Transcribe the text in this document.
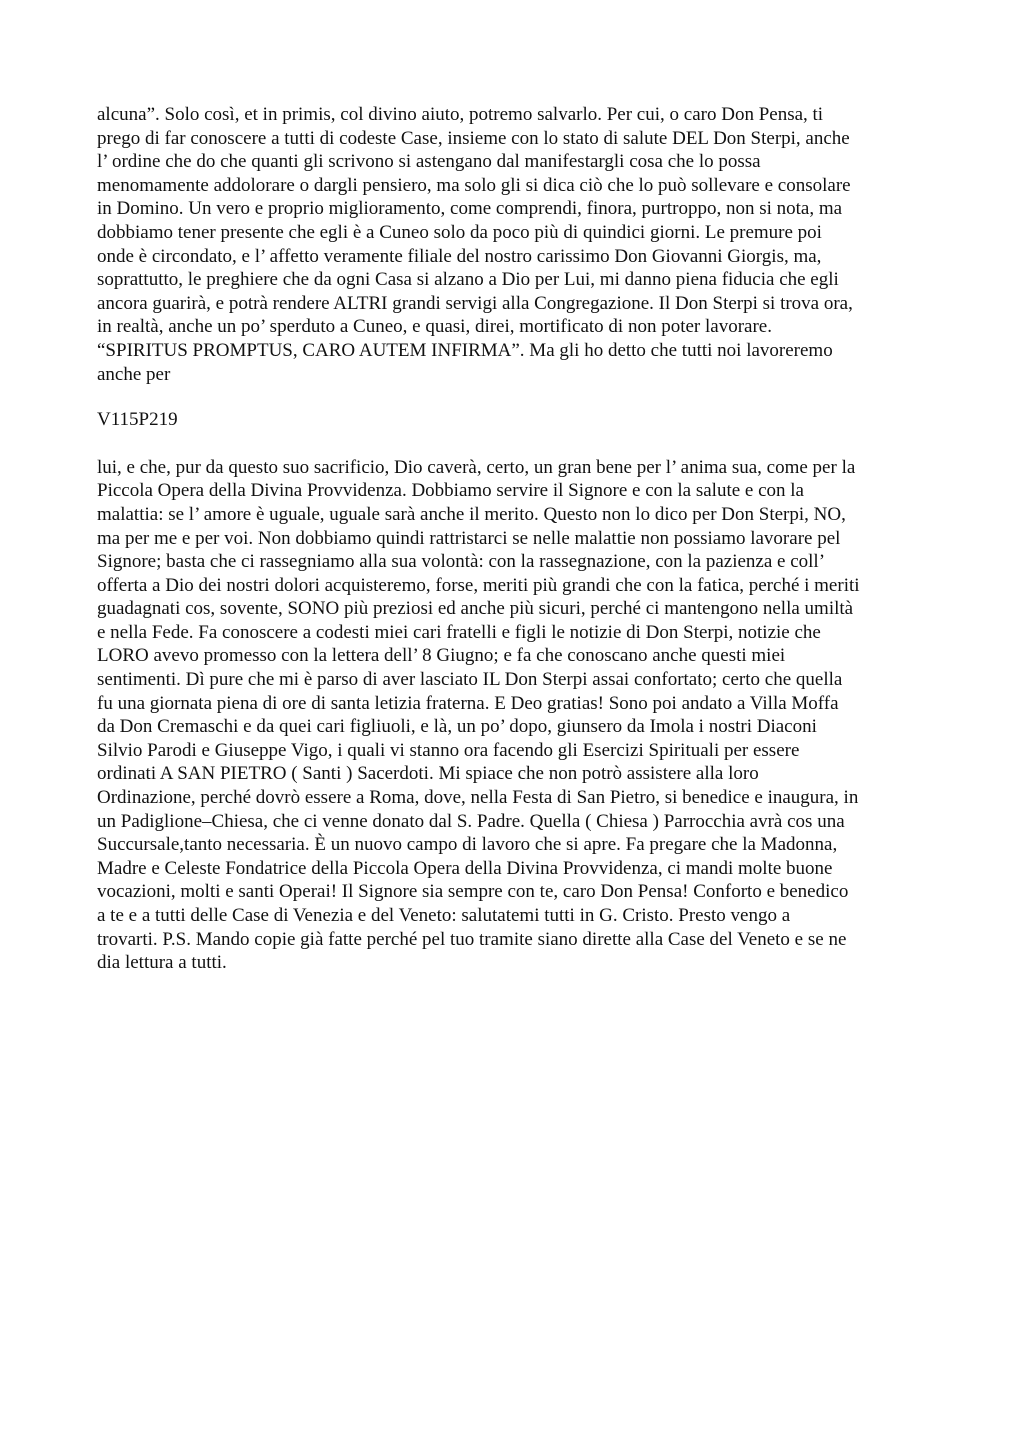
alcuna”. Solo così, et in primis, col divino aiuto, potremo salvarlo. Per cui, o caro Don Pensa, ti
prego di far conoscere a tutti di codeste Case, insieme con lo stato di salute DEL Don Sterpi, anche
l’ ordine che do che quanti gli scrivono si astengano dal manifestargli cosa che lo possa
menomamente addolorare o dargli pensiero, ma solo gli si dica ciò che lo può sollevare e consolare
in Domino. Un vero e proprio miglioramento, come comprendi, finora, purtroppo, non si nota, ma
dobbiamo tener presente che egli è a Cuneo solo da poco più di quindici giorni. Le premure poi
onde è circondato, e l’ affetto veramente filiale del nostro carissimo Don Giovanni Giorgis, ma,
soprattutto, le preghiere che da ogni Casa si alzano a Dio per Lui, mi danno piena fiducia che egli
ancora guarirà, e potrà rendere ALTRI grandi servigi alla Congregazione. Il Don Sterpi si trova ora,
in realtà, anche un po’ sperduto a Cuneo, e quasi, direi, mortificato di non poter lavorare.
“SPIRITUS PROMPTUS, CARO AUTEM INFIRMA”. Ma gli ho detto che tutti noi lavoreremo
anche per
V115P219
lui, e che, pur da questo suo sacrificio, Dio caverà, certo, un gran bene per l’ anima sua, come per la
Piccola Opera della Divina Provvidenza. Dobbiamo servire il Signore e con la salute e con la
malattia: se l’ amore è uguale, uguale sarà anche il merito. Questo non lo dico per Don Sterpi, NO,
ma per me e per voi. Non dobbiamo quindi rattristarci se nelle malattie non possiamo lavorare pel
Signore; basta che ci rassegniamo alla sua volontà: con la rassegnazione, con la pazienza e coll’
offerta a Dio dei nostri dolori acquisteremo, forse, meriti più grandi che con la fatica, perché i meriti
guadagnati cos, sovente, SONO più preziosi ed anche più sicuri, perché ci mantengono nella umiltà
e nella Fede. Fa conoscere a codesti miei cari fratelli e figli le notizie di Don Sterpi, notizie che
LORO avevo promesso con la lettera dell’ 8 Giugno; e fa che conoscano anche questi miei
sentimenti. Dì pure che mi è parso di aver lasciato IL Don Sterpi assai confortato; certo che quella
fu una giornata piena di ore di santa letizia fraterna. E Deo gratias! Sono poi andato a Villa Moffa
da Don Cremaschi e da quei cari figliuoli, e là, un po’ dopo, giunsero da Imola i nostri Diaconi
Silvio Parodi e Giuseppe Vigo, i quali vi stanno ora facendo gli Esercizi Spirituali per essere
ordinati A SAN PIETRO ( Santi ) Sacerdoti. Mi spiace che non potrò assistere alla loro
Ordinazione, perché dovrò essere a Roma, dove, nella Festa di San Pietro, si benedice e inaugura, in
un Padiglione–Chiesa, che ci venne donato dal S. Padre. Quella ( Chiesa ) Parrocchia avrà cos una
Succursale,tanto necessaria. È un nuovo campo di lavoro che si apre. Fa pregare che la Madonna,
Madre e Celeste Fondatrice della Piccola Opera della Divina Provvidenza, ci mandi molte buone
vocazioni, molti e santi Operai! Il Signore sia sempre con te, caro Don Pensa! Conforto e benedico
a te e a tutti delle Case di Venezia e del Veneto: salutatemi tutti in G. Cristo. Presto vengo a
trovarti. P.S. Mando copie già fatte perché pel tuo tramite siano dirette alla Case del Veneto e se ne
dia lettura a tutti.
